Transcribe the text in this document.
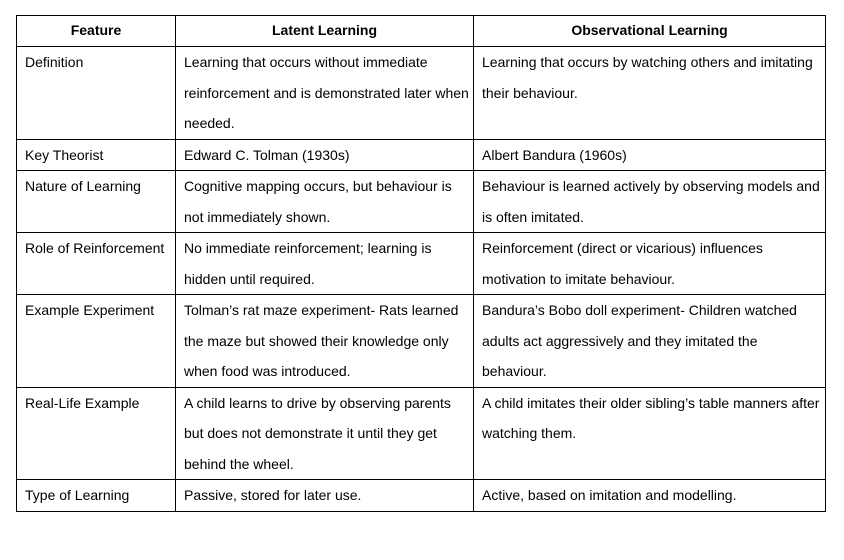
Feature	Latent Learning	Observational Learning
Definition	Learning that occurs without immediate reinforcement and is demonstrated later when needed.	Learning that occurs by watching others and imitating their behaviour.
Key Theorist	Edward C. Tolman (1930s)	Albert Bandura (1960s)
Nature of Learning	Cognitive mapping occurs, but behaviour is not immediately shown.	Behaviour is learned actively by observing models and is often imitated.
Role of Reinforcement	No immediate reinforcement; learning is hidden until required.	Reinforcement (direct or vicarious) influences motivation to imitate behaviour.
Example Experiment	Tolman’s rat maze experiment- Rats learned the maze but showed their knowledge only when food was introduced.	Bandura’s Bobo doll experiment- Children watched adults act aggressively and they imitated the behaviour.
Real-Life Example	A child learns to drive by observing parents but does not demonstrate it until they get behind the wheel.	A child imitates their older sibling’s table manners after watching them.
Type of Learning	Passive, stored for later use.	Active, based on imitation and modelling.
